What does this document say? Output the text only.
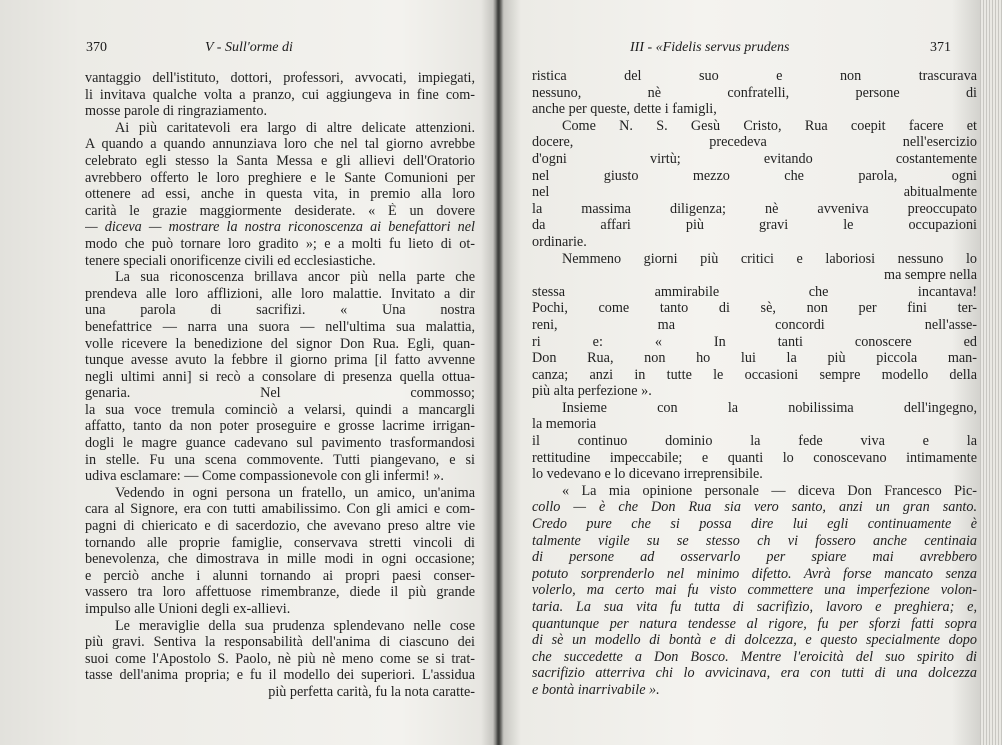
370	V - Sull'orme di
vantaggio dell'istituto, dottori, professori, avvocati, impiegati,
li invitava qualche volta a pranzo, cui aggiungeva in fine com-
mosse parole di ringraziamento.
Ai più caritatevoli era largo di altre delicate attenzioni.
A quando a quando annunziava loro che nel tal giorno avrebbe
celebrato egli stesso la Santa Messa e gli allievi dell'Oratorio
avrebbero offerto le loro preghiere e le Sante Comunioni per
ottenere ad essi, anche in questa vita, in premio alla loro
carità le grazie maggiormente desiderate. « È un dovere
— diceva — mostrare la nostra riconoscenza ai benefattori nel
modo che può tornare loro gradito »; e a molti fu lieto di ot-
tenere speciali onorificenze civili ed ecclesiastiche.
La sua riconoscenza brillava ancor più nella parte che
prendeva alle loro afflizioni, alle loro malattie. Invitato a dir
una parola di sacrifizi. « Una nostra
benefattrice — narra una suora — nell'ultima sua malattia,
volle ricevere la benedizione del signor Don Rua. Egli, quan-
tunque avesse avuto la febbre il giorno prima [il fatto avvenne
negli ultimi anni] si recò a consolare di presenza quella ottua-
genaria. Nel commosso;
la sua voce tremula cominciò a velarsi, quindi a mancargli
affatto, tanto da non poter proseguire e grosse lacrime irrigan-
dogli le magre guance cadevano sul pavimento trasformandosi
in stelle. Fu una scena commovente. Tutti piangevano, e si
udiva esclamare: — Come compassionevole con gli infermi! ».
Vedendo in ogni persona un fratello, un amico, un'anima
cara al Signore, era con tutti amabilissimo. Con gli amici e com-
pagni di chiericato e di sacerdozio, che avevano preso altre vie
tornando alle proprie famiglie, conservava stretti vincoli di
benevolenza, che dimostrava in mille modi in ogni occasione;
e perciò anche i alunni tornando ai propri paesi conser-
vassero tra loro affettuose rimembranze, diede il più grande
impulso alle Unioni degli ex-allievi.
Le meraviglie della sua prudenza splendevano nelle cose
più gravi. Sentiva la responsabilità dell'anima di ciascuno dei
suoi come l'Apostolo S. Paolo, nè più nè meno come se si trat-
tasse dell'anima propria; e fu il modello dei superiori. L'assidua
più perfetta carità, fu la nota caratte-
III - «Fidelis servus prudens	371
ristica del suo e non trascurava
nessuno, nè confratelli, persone di
anche per queste, dette i famigli,
Come N. S. Gesù Cristo, Rua coepit facere et
docere, precedeva nell'esercizio
d'ogni virtù; evitando costantemente
nel giusto mezzo che parola, ogni
nel abitualmente
la massima diligenza; nè avveniva preoccupato
da affari più gravi le occupazioni
ordinarie.
Nemmeno giorni più critici e laboriosi nessuno lo
ma sempre nella
stessa ammirabile che incantava!
Pochi, come tanto di sè, non per fini ter-
reni, ma concordi nell'asse-
ri e: « In tanti conoscere ed
Don Rua, non ho lui la più piccola man-
canza; anzi in tutte le occasioni sempre modello della
più alta perfezione ».
Insieme con la nobilissima dell'ingegno,
la memoria
il continuo dominio la fede viva e la
rettitudine impeccabile; e quanti lo conoscevano intimamente
lo vedevano e lo dicevano irreprensibile.
« La mia opinione personale — diceva Don Francesco Pic-
collo — è che Don Rua sia vero santo, anzi un gran santo.
Credo pure che si possa dire lui egli continuamente è
talmente vigile su se stesso ch vi fossero anche centinaia
di persone ad osservarlo per spiare mai avrebbero
potuto sorprenderlo nel minimo difetto. Avrà forse mancato senza
volerlo, ma certo mai fu visto commettere una imperfezione volon-
taria. La sua vita fu tutta di sacrifizio, lavoro e preghiera; e,
quantunque per natura tendesse al rigore, fu per sforzi fatti sopra
di sè un modello di bontà e di dolcezza, e questo specialmente dopo
che succedette a Don Bosco. Mentre l'eroicità del suo spirito di
sacrifizio atterriva chi lo avvicinava, era con tutti di una dolcezza
e bontà inarrivabile ».
